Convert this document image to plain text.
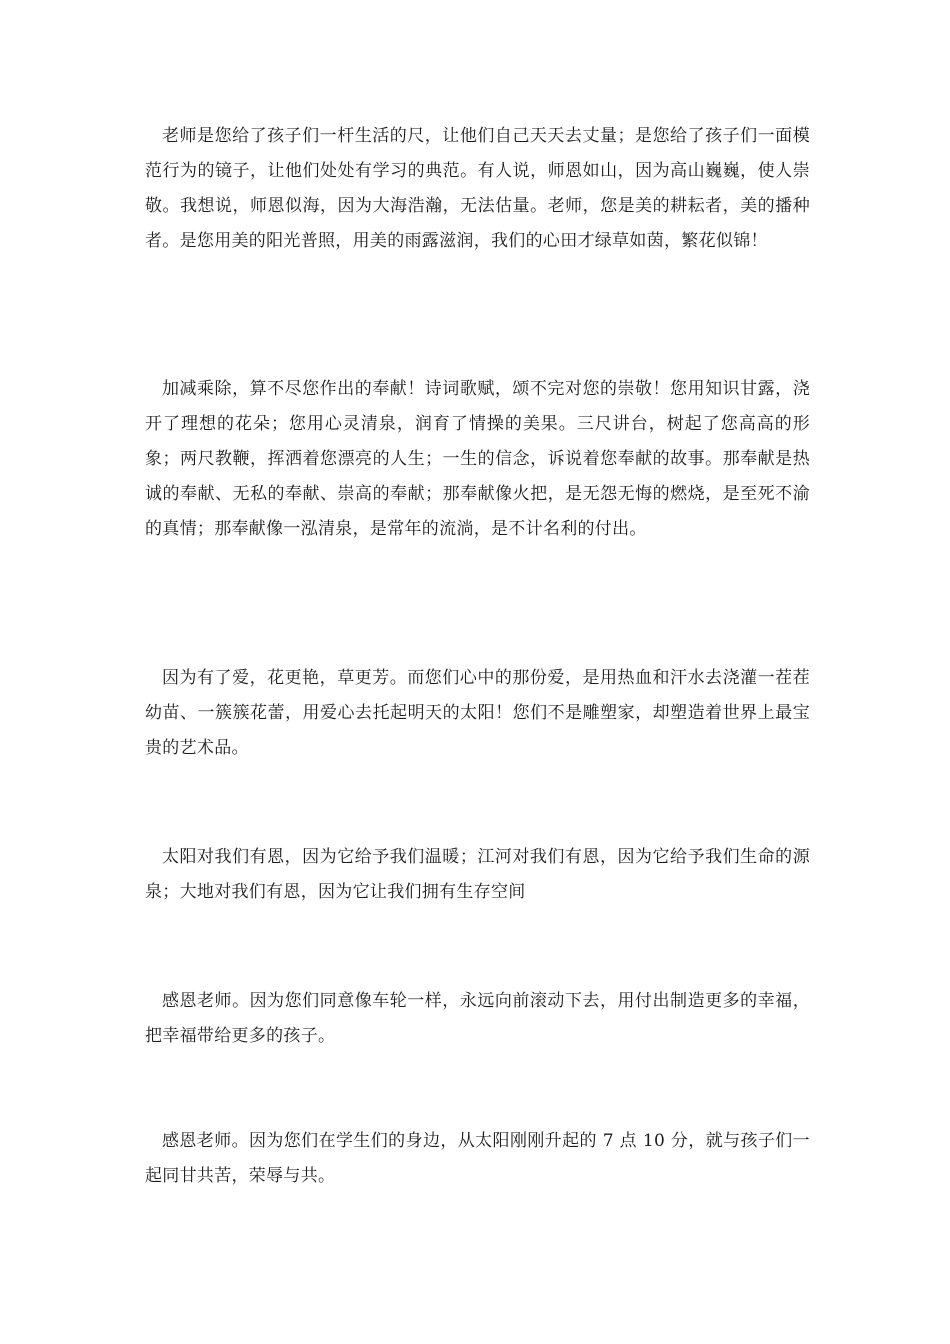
老师是您给了孩子们一杆生活的尺，让他们自己天天去丈量；是您给了孩子们一面模范行为的镜子，让他们处处有学习的典范。有人说，师恩如山，因为高山巍巍，使人崇敬。我想说，师恩似海，因为大海浩瀚，无法估量。老师，您是美的耕耘者，美的播种者。是您用美的阳光普照，用美的雨露滋润，我们的心田才绿草如茵，繁花似锦！

加减乘除，算不尽您作出的奉献！诗词歌赋，颂不完对您的崇敬！您用知识甘露，浇开了理想的花朵；您用心灵清泉，润育了情操的美果。三尺讲台，树起了您高高的形象；两尺教鞭，挥洒着您漂亮的人生；一生的信念，诉说着您奉献的故事。那奉献是热诚的奉献、无私的奉献、崇高的奉献；那奉献像火把，是无怨无悔的燃烧，是至死不渝的真情；那奉献像一泓清泉，是常年的流淌，是不计名利的付出。

因为有了爱，花更艳，草更芳。而您们心中的那份爱，是用热血和汗水去浇灌一茬茬幼苗、一簇簇花蕾，用爱心去托起明天的太阳！您们不是雕塑家，却塑造着世界上最宝贵的艺术品。

太阳对我们有恩，因为它给予我们温暖；江河对我们有恩，因为它给予我们生命的源泉；大地对我们有恩，因为它让我们拥有生存空间

感恩老师。因为您们同意像车轮一样，永远向前滚动下去，用付出制造更多的幸福，把幸福带给更多的孩子。

感恩老师。因为您们在学生们的身边，从太阳刚刚升起的 7 点 10 分，就与孩子们一起同甘共苦，荣辱与共。
